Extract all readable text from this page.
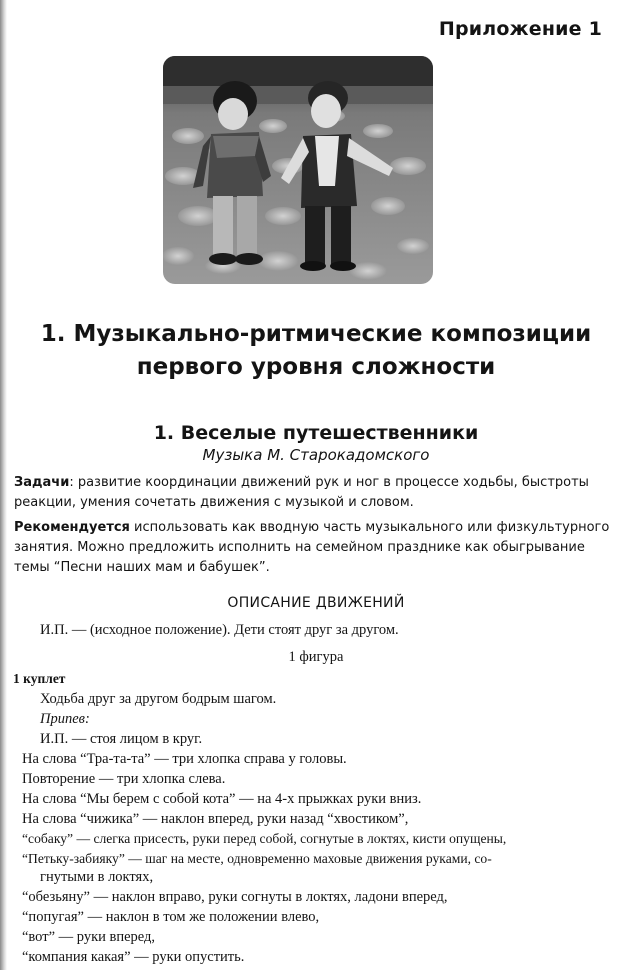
Приложение 1
1. Музыкально-ритмические композиции
первого уровня сложности
1. Веселые путешественники
Музыка М. Старокадомского
Задачи: развитие координации движений рук и ног в процессе ходьбы, быстроты
реакции, умения сочетать движения с музыкой и словом.
Рекомендуется использовать как вводную часть музыкального или физкультурного
занятия. Можно предложить исполнить на семейном празднике как обыгрывание
темы “Песни наших мам и бабушек”.
ОПИСАНИЕ ДВИЖЕНИЙ
И.П. — (исходное положение). Дети стоят друг за другом.
1 фигура
1 куплет
Ходьба друг за другом бодрым шагом.
Припев:
И.П. — стоя лицом в круг.
На слова “Тра-та-та” — три хлопка справа у головы.
Повторение — три хлопка слева.
На слова “Мы берем с собой кота” — на 4-х прыжках руки вниз.
На слова “чижика” — наклон вперед, руки назад “хвостиком”,
“собаку” — слегка присесть, руки перед собой, согнутые в локтях, кисти опущены,
“Петьку-забияку” — шаг на месте, одновременно маховые движения руками, со-
гнутыми в локтях,
“обезьяну” — наклон вправо, руки согнуты в локтях, ладони вперед,
“попугая” — наклон в том же положении влево,
“вот” — руки вперед,
“компания какая” — руки опустить.
